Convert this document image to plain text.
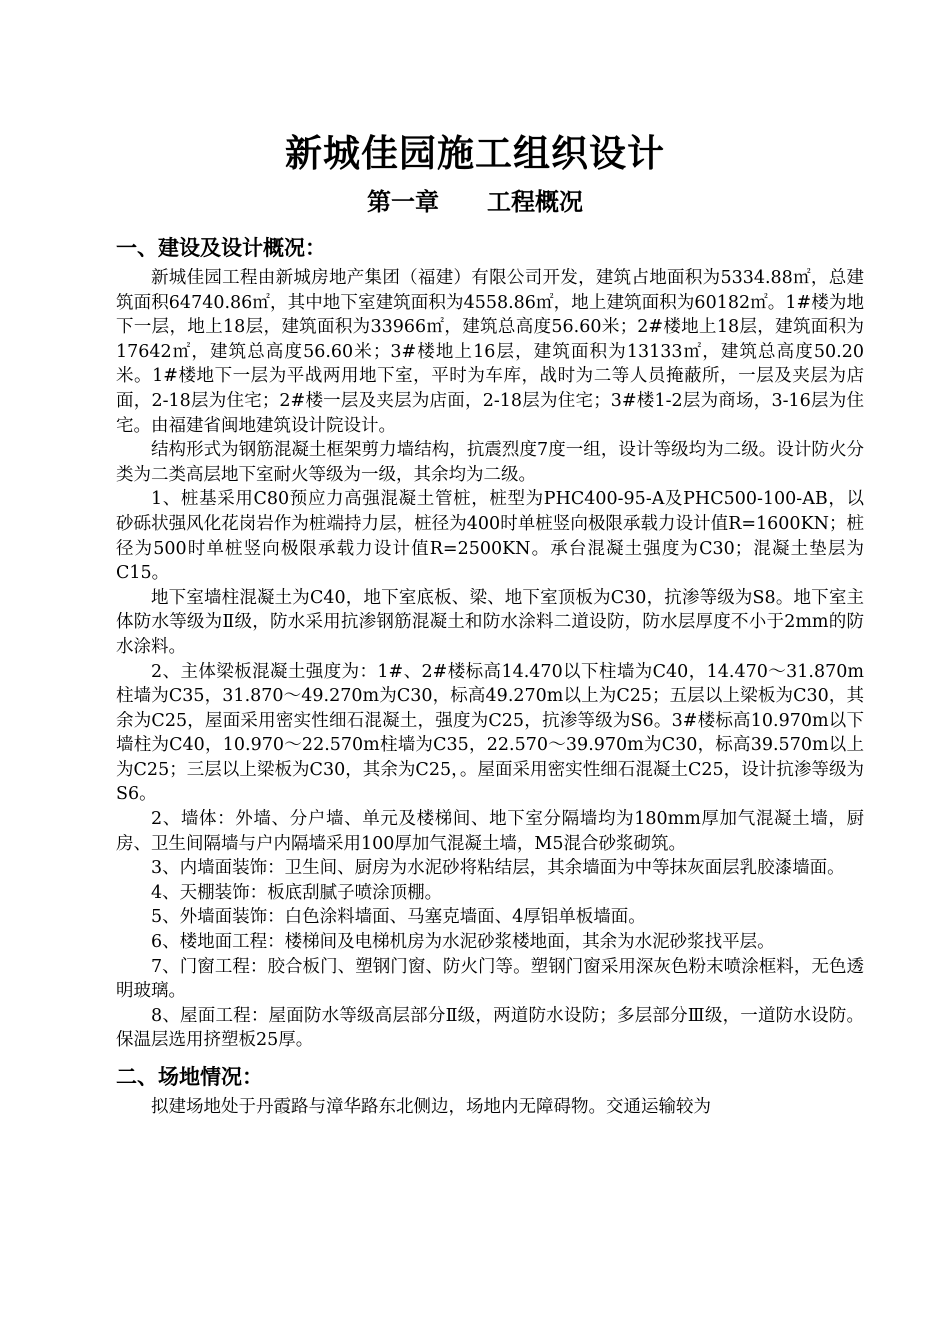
新城佳园施工组织设计
第一章　　工程概况
一、建设及设计概况：

新城佳园工程由新城房地产集团（福建）有限公司开发，建筑占地面积为5334.88㎡，总建筑面积64740.86㎡，其中地下室建筑面积为4558.86㎡，地上建筑面积为60182㎡。1#楼为地下一层，地上18层，建筑面积为33966㎡，建筑总高度56.60米；2#楼地上18层，建筑面积为17642㎡，建筑总高度56.60米；3#楼地上16层，建筑面积为13133㎡，建筑总高度50.20米。1#楼地下一层为平战两用地下室，平时为车库，战时为二等人员掩蔽所，一层及夹层为店面，2-18层为住宅；2#楼一层及夹层为店面，2-18层为住宅；3#楼1-2层为商场，3-16层为住宅。由福建省闽地建筑设计院设计。

结构形式为钢筋混凝土框架剪力墙结构，抗震烈度7度一组，设计等级均为二级。设计防火分类为二类高层地下室耐火等级为一级，其余均为二级。

1、桩基采用C80预应力高强混凝土管桩，桩型为PHC400-95-A及PHC500-100-AB，以砂砾状强风化花岗岩作为桩端持力层，桩径为400时单桩竖向极限承载力设计值R=1600KN；桩径为500时单桩竖向极限承载力设计值R=2500KN。承台混凝土强度为C30；混凝土垫层为C15。

地下室墙柱混凝土为C40，地下室底板、梁、地下室顶板为C30，抗渗等级为S8。地下室主体防水等级为Ⅱ级，防水采用抗渗钢筋混凝土和防水涂料二道设防，防水层厚度不小于2mm的防水涂料。

2、主体梁板混凝土强度为：1#、2#楼标高14.470以下柱墙为C40，14.470～31.870m柱墙为C35，31.870～49.270m为C30，标高49.270m以上为C25；五层以上梁板为C30，其余为C25，屋面采用密实性细石混凝土，强度为C25，抗渗等级为S6。3#楼标高10.970m以下墙柱为C40，10.970～22.570m柱墙为C35，22.570～39.970m为C30，标高39.570m以上为C25；三层以上梁板为C30，其余为C25，。屋面采用密实性细石混凝土C25，设计抗渗等级为S6。

2、墙体：外墙、分户墙、单元及楼梯间、地下室分隔墙均为180mm厚加气混凝土墙，厨房、卫生间隔墙与户内隔墙采用100厚加气混凝土墙，M5混合砂浆砌筑。

3、内墙面装饰：卫生间、厨房为水泥砂将粘结层，其余墙面为中等抹灰面层乳胶漆墙面。

4、天棚装饰：板底刮腻子喷涂顶棚。

5、外墙面装饰：白色涂料墙面、马塞克墙面、4厚铝单板墙面。

6、楼地面工程：楼梯间及电梯机房为水泥砂浆楼地面，其余为水泥砂浆找平层。

7、门窗工程：胶合板门、塑钢门窗、防火门等。塑钢门窗采用深灰色粉末喷涂框料，无色透明玻璃。

8、屋面工程：屋面防水等级高层部分Ⅱ级，两道防水设防；多层部分Ⅲ级，一道防水设防。保温层选用挤塑板25厚。

二、场地情况：

拟建场地处于丹霞路与漳华路东北侧边，场地内无障碍物。交通运输较为
